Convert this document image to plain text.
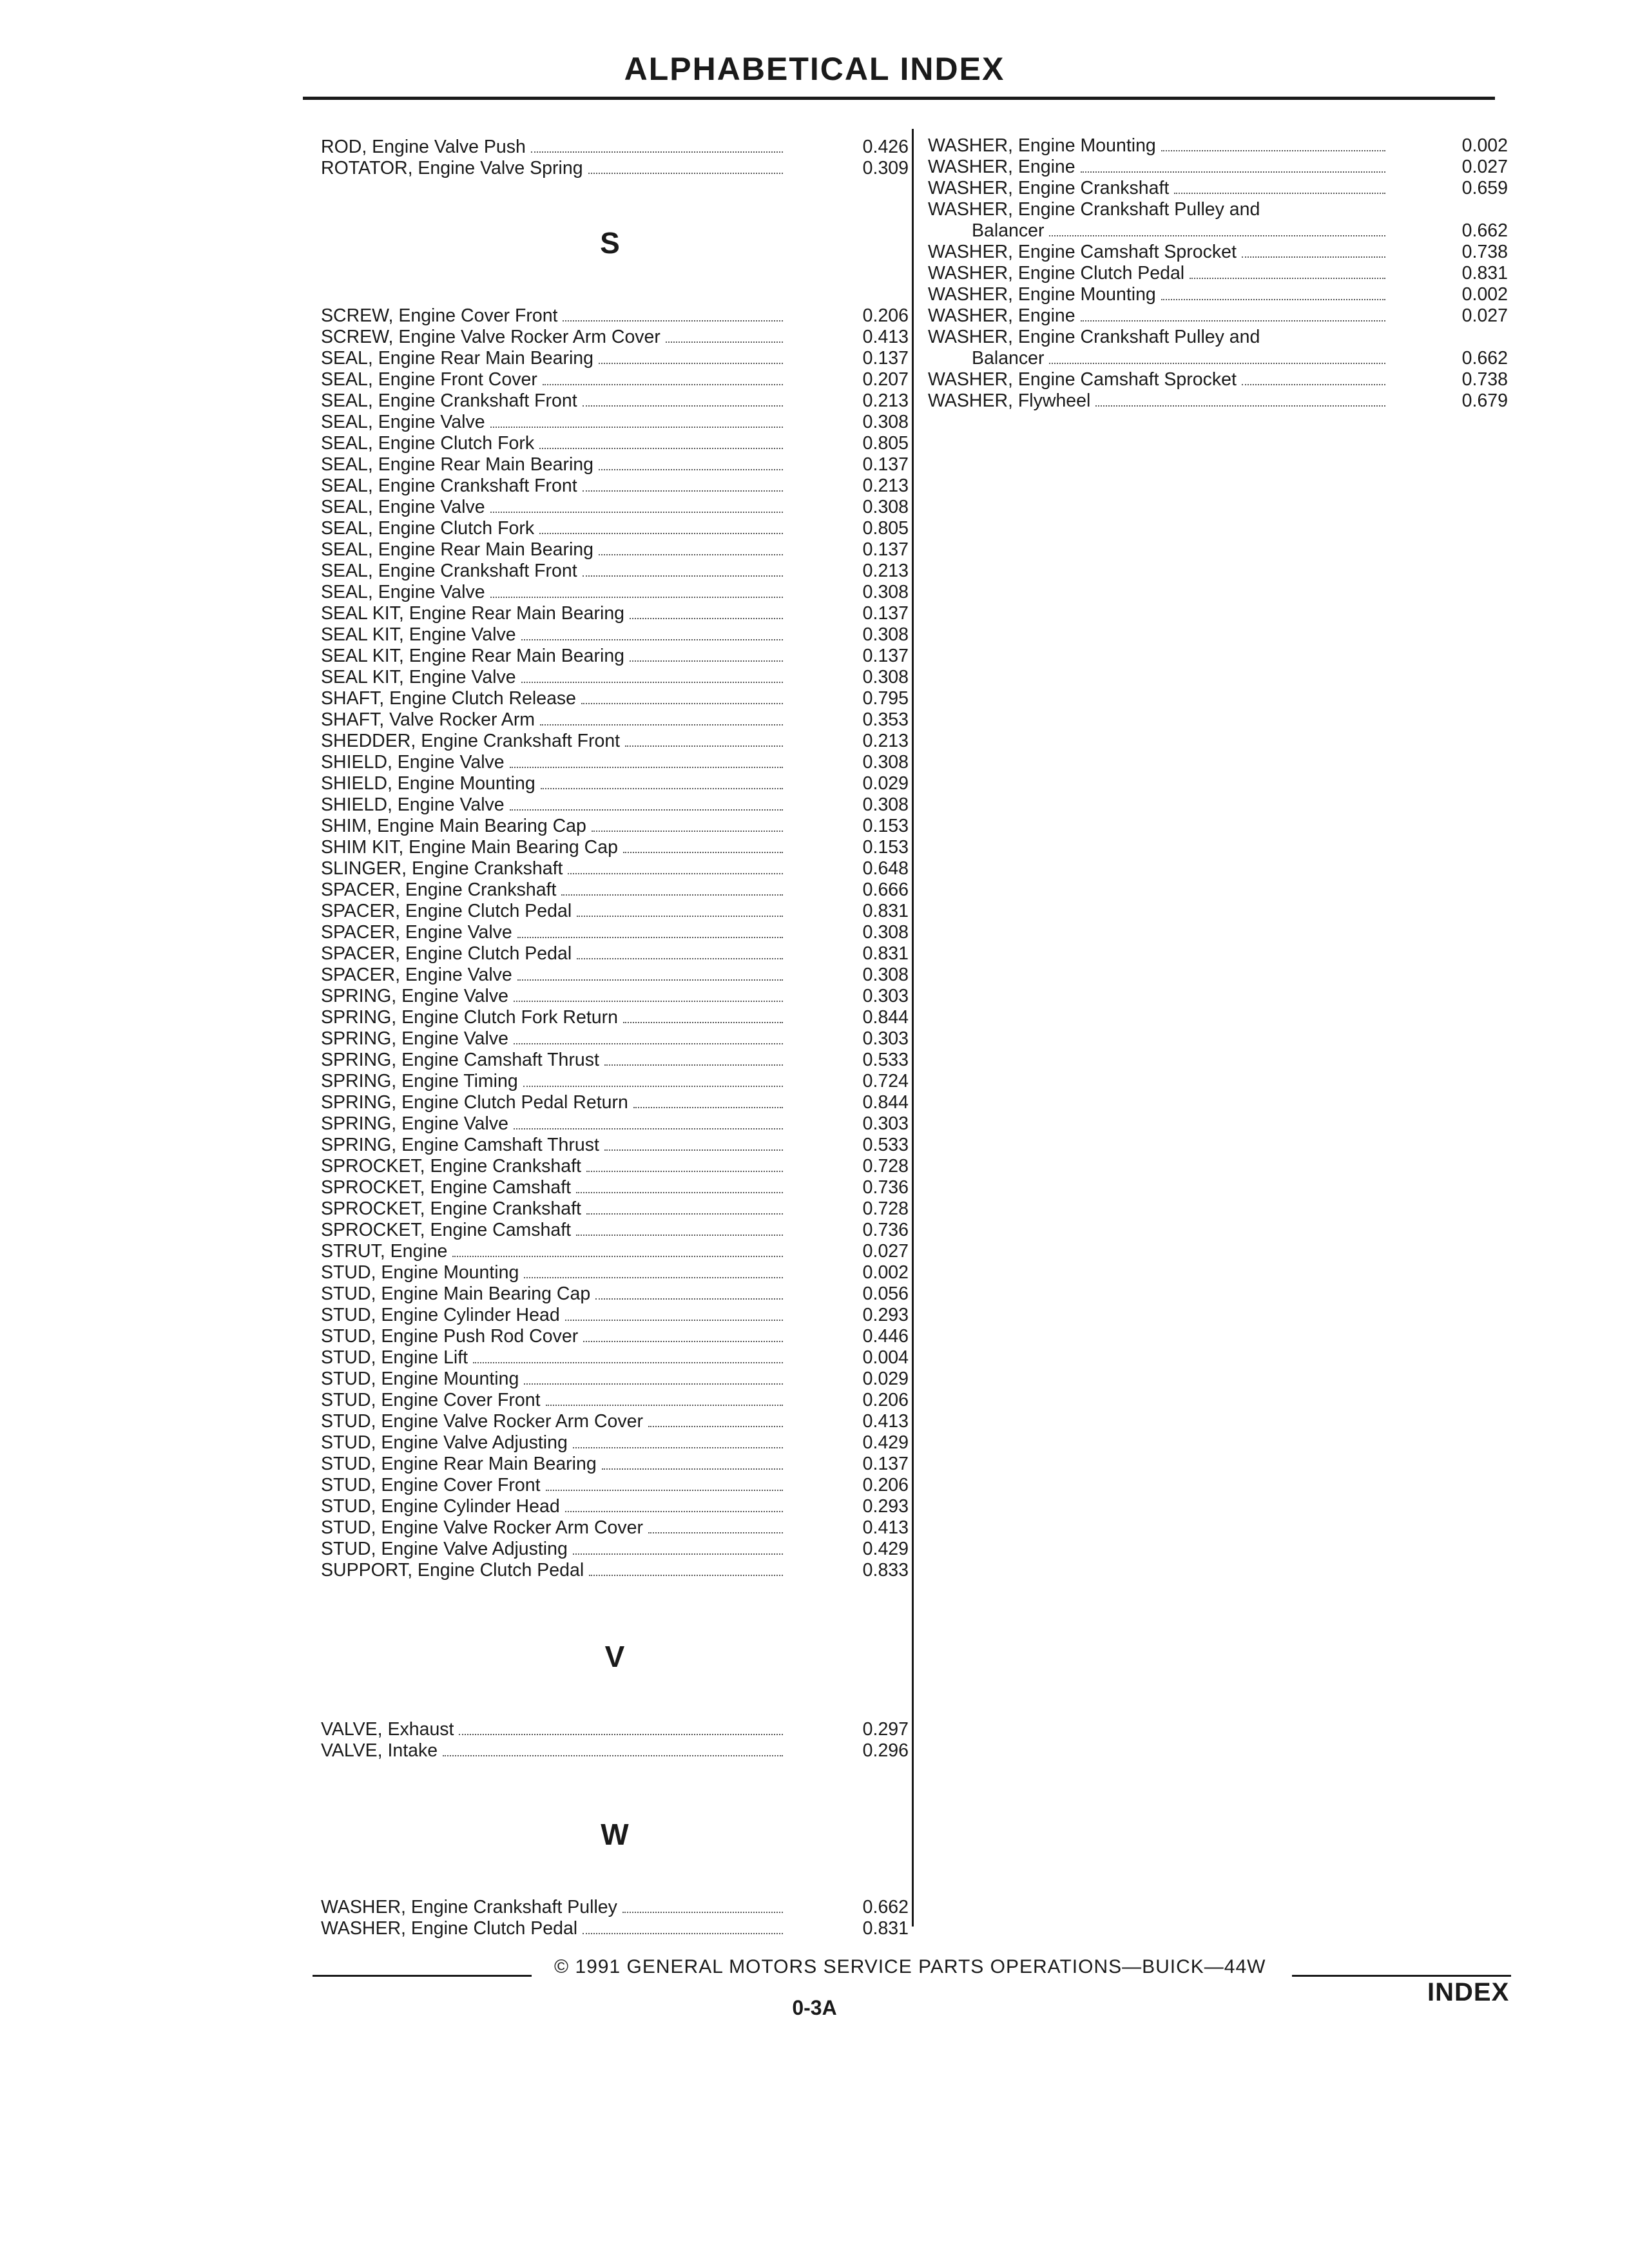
ALPHABETICAL INDEX
ROD, Engine Valve Push	0.426
ROTATOR, Engine Valve Spring	0.309
S
SCREW, Engine Cover Front	0.206
SCREW, Engine Valve Rocker Arm Cover	0.413
SEAL, Engine Rear Main Bearing	0.137
SEAL, Engine Front Cover	0.207
SEAL, Engine Crankshaft Front	0.213
SEAL, Engine Valve	0.308
SEAL, Engine Clutch Fork	0.805
SEAL, Engine Rear Main Bearing	0.137
SEAL, Engine Crankshaft Front	0.213
SEAL, Engine Valve	0.308
SEAL, Engine Clutch Fork	0.805
SEAL, Engine Rear Main Bearing	0.137
SEAL, Engine Crankshaft Front	0.213
SEAL, Engine Valve	0.308
SEAL KIT, Engine Rear Main Bearing	0.137
SEAL KIT, Engine Valve	0.308
SEAL KIT, Engine Rear Main Bearing	0.137
SEAL KIT, Engine Valve	0.308
SHAFT, Engine Clutch Release	0.795
SHAFT, Valve Rocker Arm	0.353
SHEDDER, Engine Crankshaft Front	0.213
SHIELD, Engine Valve	0.308
SHIELD, Engine Mounting	0.029
SHIELD, Engine Valve	0.308
SHIM, Engine Main Bearing Cap	0.153
SHIM KIT, Engine Main Bearing Cap	0.153
SLINGER, Engine Crankshaft	0.648
SPACER, Engine Crankshaft	0.666
SPACER, Engine Clutch Pedal	0.831
SPACER, Engine Valve	0.308
SPACER, Engine Clutch Pedal	0.831
SPACER, Engine Valve	0.308
SPRING, Engine Valve	0.303
SPRING, Engine Clutch Fork Return	0.844
SPRING, Engine Valve	0.303
SPRING, Engine Camshaft Thrust	0.533
SPRING, Engine Timing	0.724
SPRING, Engine Clutch Pedal Return	0.844
SPRING, Engine Valve	0.303
SPRING, Engine Camshaft Thrust	0.533
SPROCKET, Engine Crankshaft	0.728
SPROCKET, Engine Camshaft	0.736
SPROCKET, Engine Crankshaft	0.728
SPROCKET, Engine Camshaft	0.736
STRUT, Engine	0.027
STUD, Engine Mounting	0.002
STUD, Engine Main Bearing Cap	0.056
STUD, Engine Cylinder Head	0.293
STUD, Engine Push Rod Cover	0.446
STUD, Engine Lift	0.004
STUD, Engine Mounting	0.029
STUD, Engine Cover Front	0.206
STUD, Engine Valve Rocker Arm Cover	0.413
STUD, Engine Valve Adjusting	0.429
STUD, Engine Rear Main Bearing	0.137
STUD, Engine Cover Front	0.206
STUD, Engine Cylinder Head	0.293
STUD, Engine Valve Rocker Arm Cover	0.413
STUD, Engine Valve Adjusting	0.429
SUPPORT, Engine Clutch Pedal	0.833
V
VALVE, Exhaust	0.297
VALVE, Intake	0.296
W
WASHER, Engine Crankshaft Pulley	0.662
WASHER, Engine Clutch Pedal	0.831
WASHER, Engine Mounting	0.002
WASHER, Engine	0.027
WASHER, Engine Crankshaft	0.659
WASHER, Engine Crankshaft Pulley and
Balancer	0.662
WASHER, Engine Camshaft Sprocket	0.738
WASHER, Engine Clutch Pedal	0.831
WASHER, Engine Mounting	0.002
WASHER, Engine	0.027
WASHER, Engine Crankshaft Pulley and
Balancer	0.662
WASHER, Engine Camshaft Sprocket	0.738
WASHER, Flywheel	0.679
© 1991 GENERAL MOTORS SERVICE PARTS OPERATIONS—BUICK—44W
0-3A
INDEX
